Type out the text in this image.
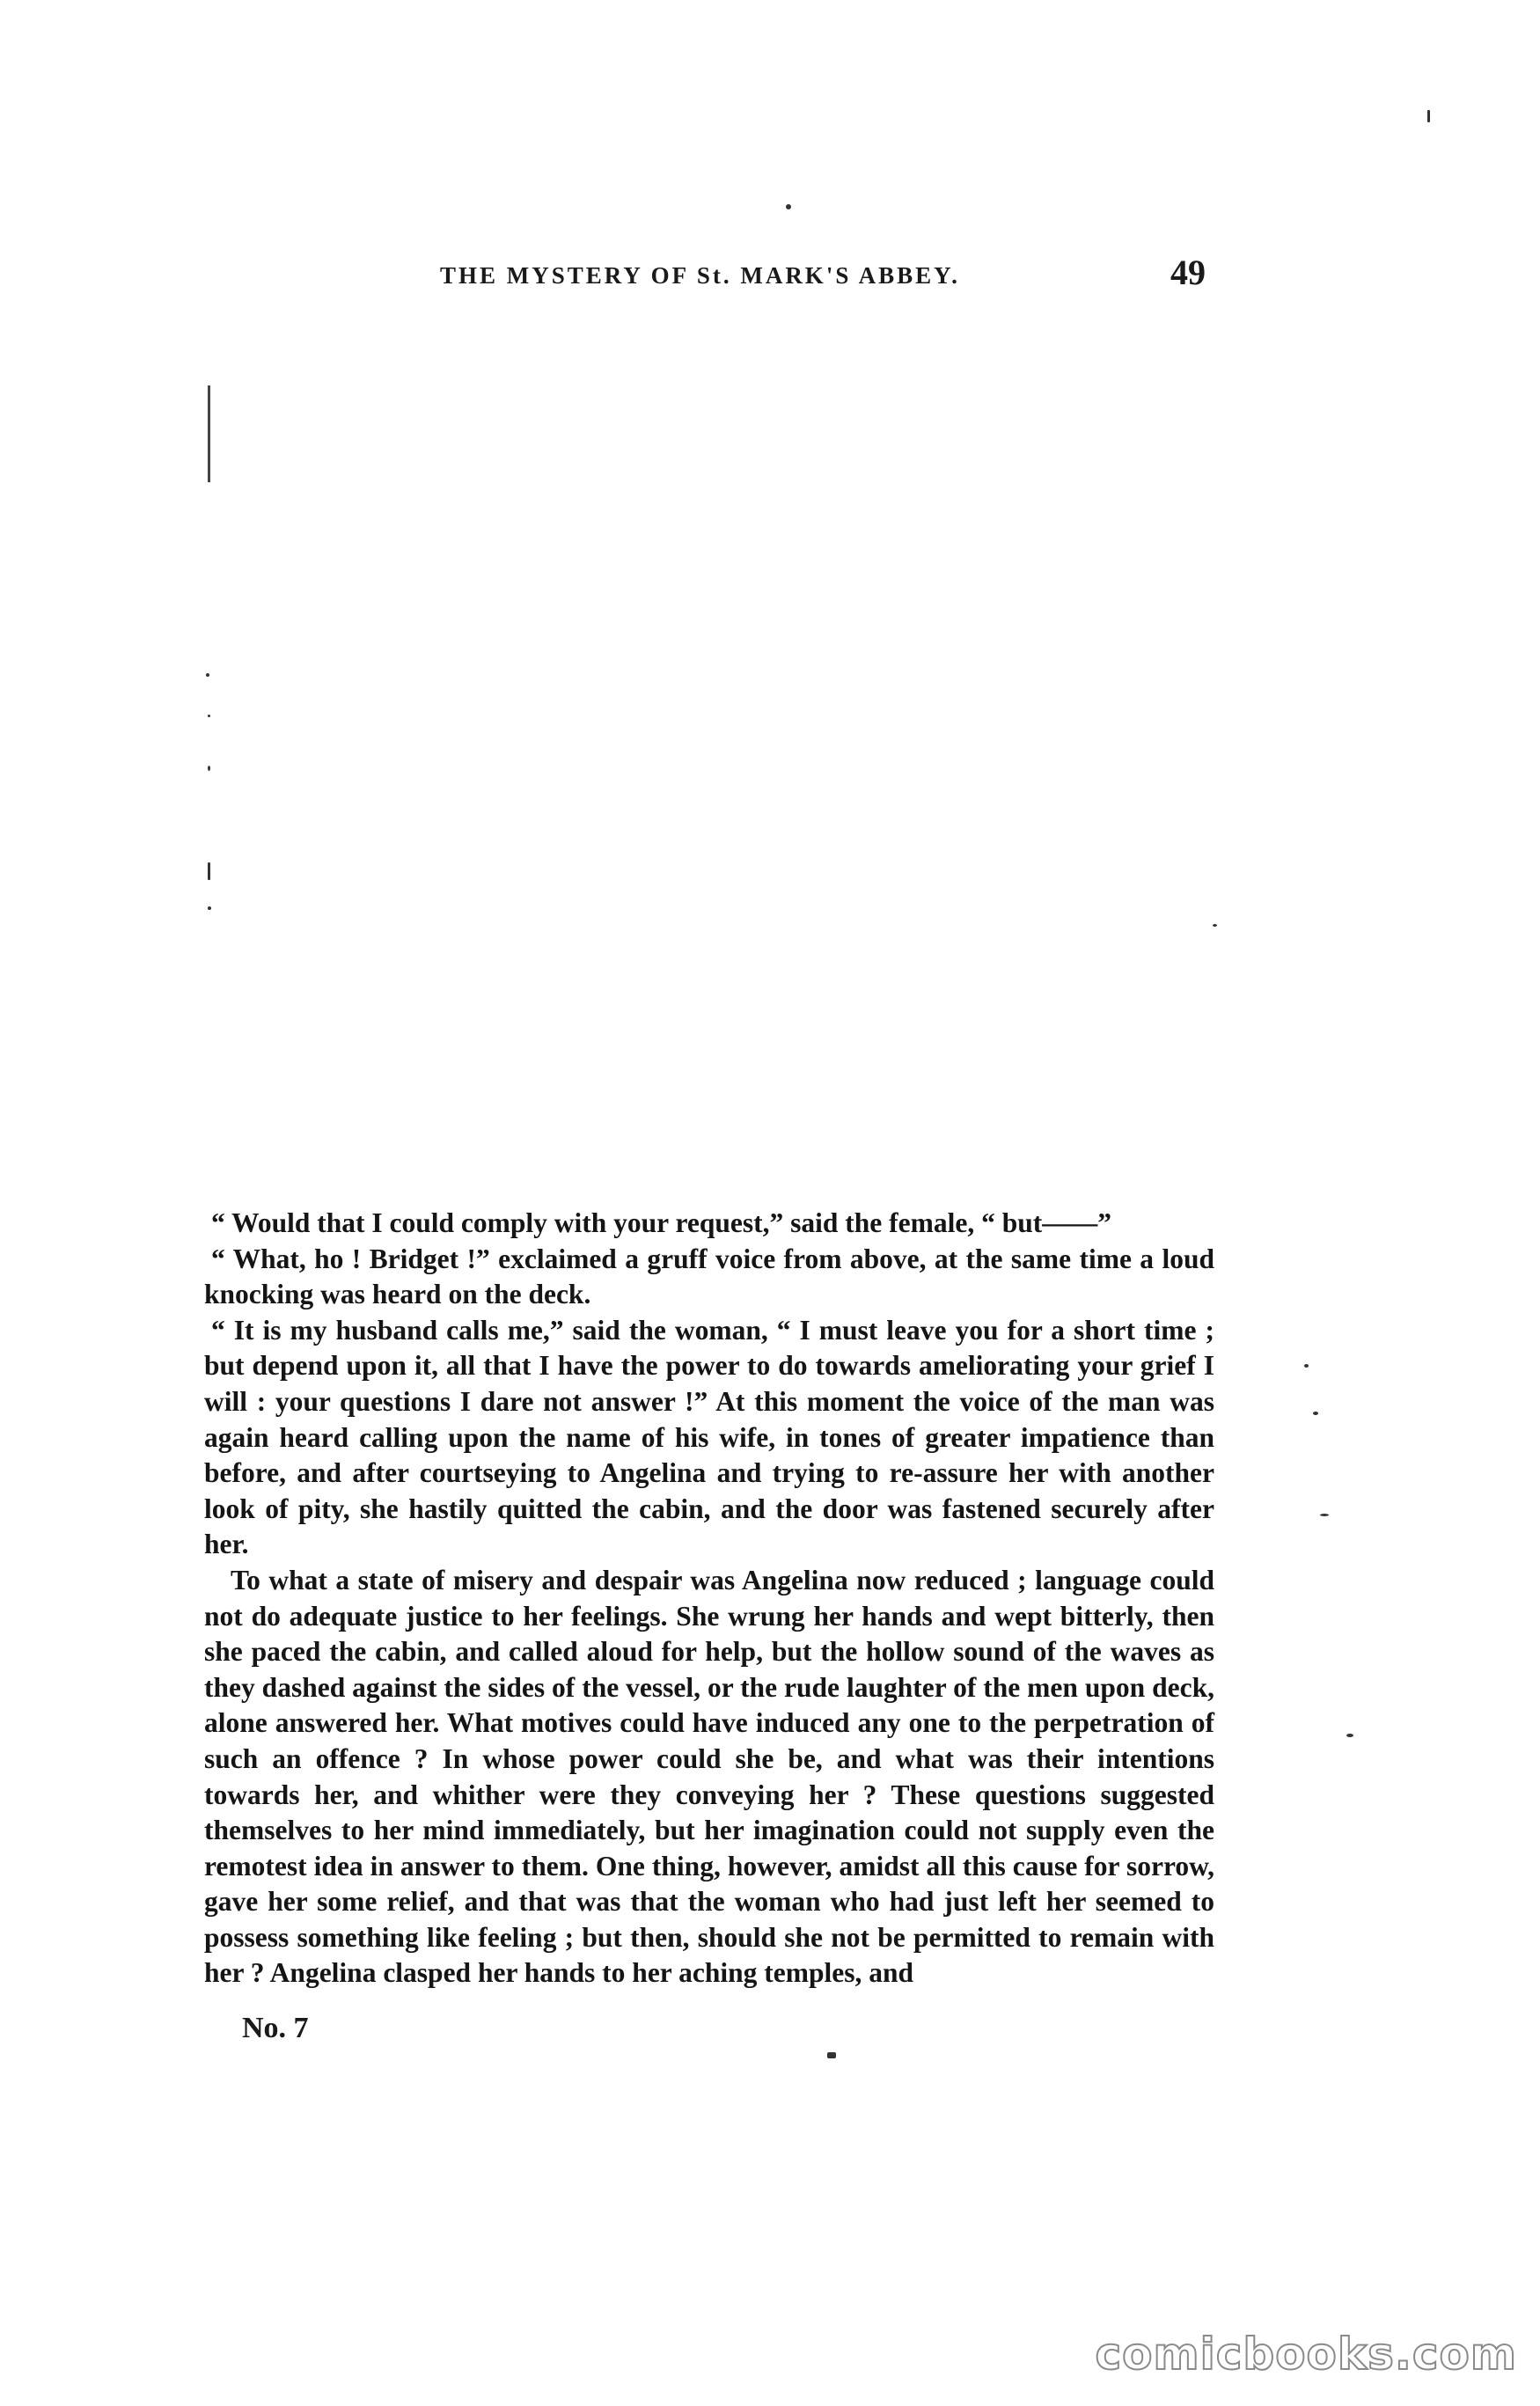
THE MYSTERY OF St. MARK'S ABBEY.	49

“ Would that I could comply with your request,” said the female, “ but——”

“ What, ho ! Bridget !” exclaimed a gruff voice from above, at the same time a loud knocking was heard on the deck.

“ It is my husband calls me,” said the woman, “ I must leave you for a short time ; but depend upon it, all that I have the power to do towards ameliorating your grief I will : your questions I dare not answer !” At this moment the voice of the man was again heard calling upon the name of his wife, in tones of greater impatience than before, and after courtseying to Angelina and trying to re-assure her with another look of pity, she hastily quitted the cabin, and the door was fastened securely after her.

To what a state of misery and despair was Angelina now reduced ; language could not do adequate justice to her feelings. She wrung her hands and wept bitterly, then she paced the cabin, and called aloud for help, but the hollow sound of the waves as they dashed against the sides of the vessel, or the rude laughter of the men upon deck, alone answered her. What motives could have induced any one to the perpetration of such an offence ? In whose power could she be, and what was their intentions towards her, and whither were they conveying her ? These questions suggested themselves to her mind immediately, but her imagination could not supply even the remotest idea in answer to them. One thing, however, amidst all this cause for sorrow, gave her some relief, and that was that the woman who had just left her seemed to possess something like feeling ; but then, should she not be permitted to remain with her ? Angelina clasped her hands to her aching temples, and

No. 7
comicbooks.com
